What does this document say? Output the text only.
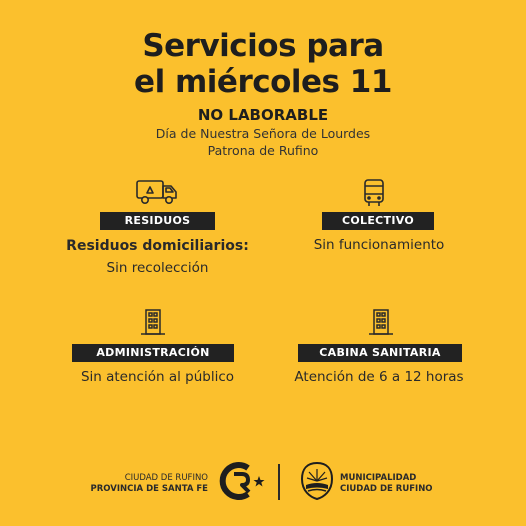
Servicios para
el miércoles 11
NO LABORABLE
Día de Nuestra Señora de Lourdes
Patrona de Rufino
RESIDUOS
Residuos domiciliarios:
Sin recolección
COLECTIVO
Sin funcionamiento
ADMINISTRACIÓN
Sin atención al público
CABINA SANITARIA
Atención de 6 a 12 horas
CIUDAD DE RUFINO
PROVINCIA DE SANTA FE
MUNICIPALIDAD
CIUDAD DE RUFINO
